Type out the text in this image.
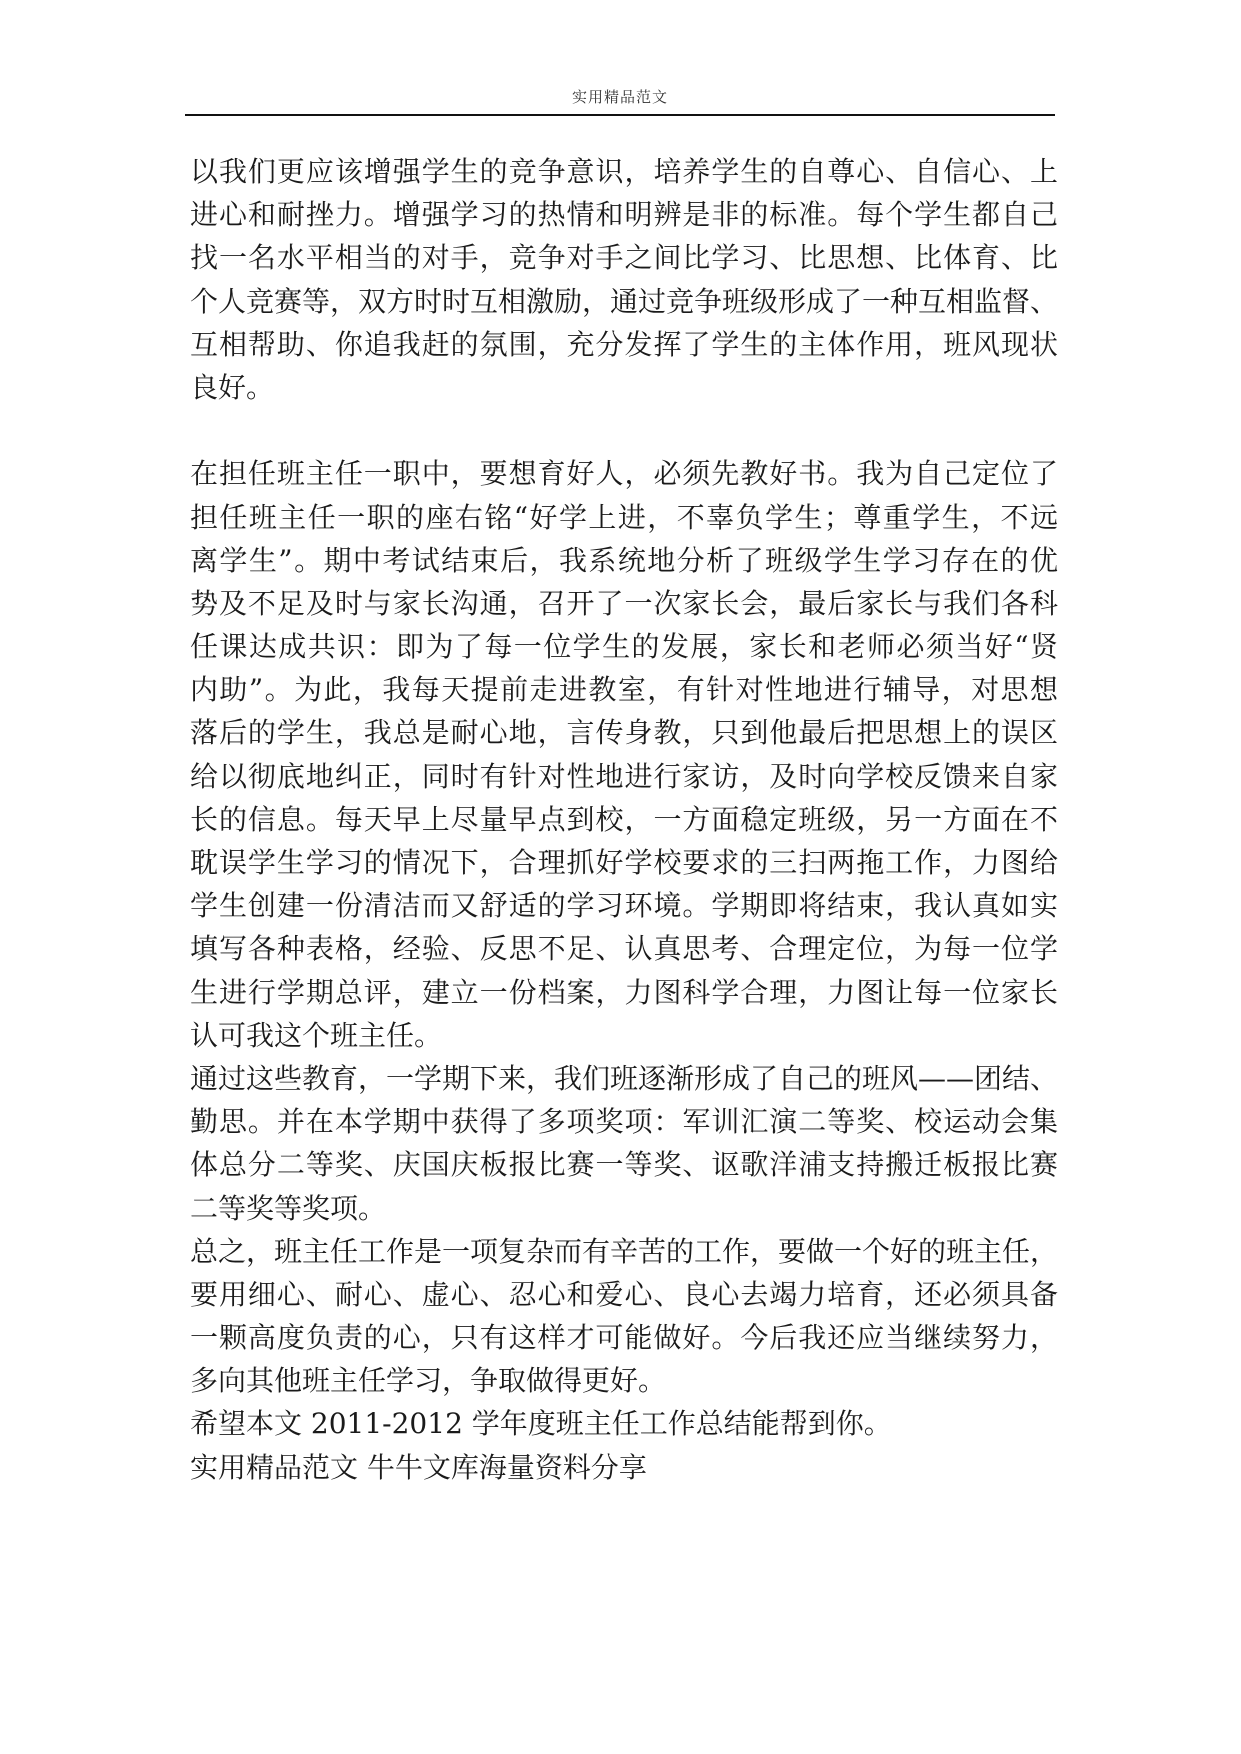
实用精品范文
以我们更应该增强学生的竞争意识，培养学生的自尊心、自信心、上
进心和耐挫力。增强学习的热情和明辨是非的标准。每个学生都自己
找一名水平相当的对手，竞争对手之间比学习、比思想、比体育、比
个人竞赛等，双方时时互相激励，通过竞争班级形成了一种互相监督、
互相帮助、你追我赶的氛围，充分发挥了学生的主体作用，班风现状
良好。
在担任班主任一职中，要想育好人，必须先教好书。我为自己定位了
担任班主任一职的座右铭“好学上进，不辜负学生；尊重学生，不远
离学生”。期中考试结束后，我系统地分析了班级学生学习存在的优
势及不足及时与家长沟通，召开了一次家长会，最后家长与我们各科
任课达成共识：即为了每一位学生的发展，家长和老师必须当好“贤
内助”。为此，我每天提前走进教室，有针对性地进行辅导，对思想
落后的学生，我总是耐心地，言传身教，只到他最后把思想上的误区
给以彻底地纠正，同时有针对性地进行家访，及时向学校反馈来自家
长的信息。每天早上尽量早点到校，一方面稳定班级，另一方面在不
耽误学生学习的情况下，合理抓好学校要求的三扫两拖工作，力图给
学生创建一份清洁而又舒适的学习环境。学期即将结束，我认真如实
填写各种表格，经验、反思不足、认真思考、合理定位，为每一位学
生进行学期总评，建立一份档案，力图科学合理，力图让每一位家长
认可我这个班主任。
通过这些教育，一学期下来，我们班逐渐形成了自己的班风——团结、
勤思。并在本学期中获得了多项奖项：军训汇演二等奖、校运动会集
体总分二等奖、庆国庆板报比赛一等奖、讴歌洋浦支持搬迁板报比赛
二等奖等奖项。
总之，班主任工作是一项复杂而有辛苦的工作，要做一个好的班主任，
要用细心、耐心、虚心、忍心和爱心、良心去竭力培育，还必须具备
一颗高度负责的心，只有这样才可能做好。今后我还应当继续努力，
多向其他班主任学习，争取做得更好。
希望本文 2011-2012 学年度班主任工作总结能帮到你。
实用精品范文 牛牛文库海量资料分享
